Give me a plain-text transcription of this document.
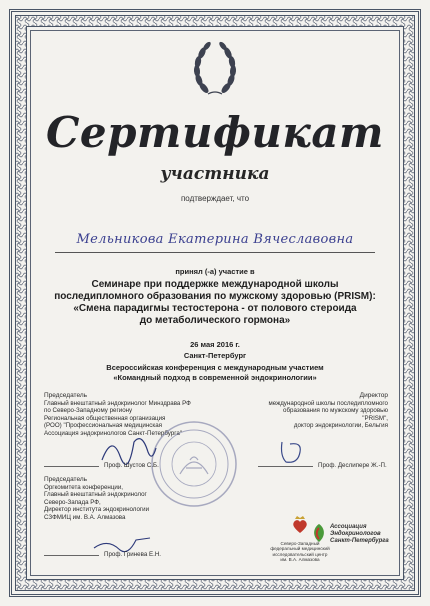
Сертификат
участника
подтверждает, что
Мельникова Екатерина Вячеславовна
принял (-а) участие в
Семинаре при поддержке международной школы
последипломного образования по мужскому здоровью (PRISM):
«Смена парадигмы тестостерона - от полового стероида
до метаболического гормона»
26 мая 2016 г.
Санкт-Петербург
Всероссийская конференция с международным участием
«Командный подход в современной эндокринологии»
Председатель
Главный внештатный эндокринолог Минздрава РФ
по Северо-Западному региону
Региональная общественная организация
(РОО) "Профессиональная медицинская
Ассоциация эндокринологов Санкт-Петербурга"
Директор
международной школы последипломного
образования по мужскому здоровью "PRISM",
доктор эндокринологии, Бельгия
Проф. Шустов С.Б.	Проф. Деслипере Ж.-П.
Председатель
Оргкомитета конференции,
Главный внештатный эндокринолог
Северо-Запада РФ,
Директор института эндокринологии
СЗФМИЦ им. В.А. Алмазова
Проф. Гринева Е.Н.
Северо-Западный
федеральный медицинский
исследовательский центр
им. В.А. Алмазова
Ассоциация
Эндокринологов
Санкт-Петербурга
